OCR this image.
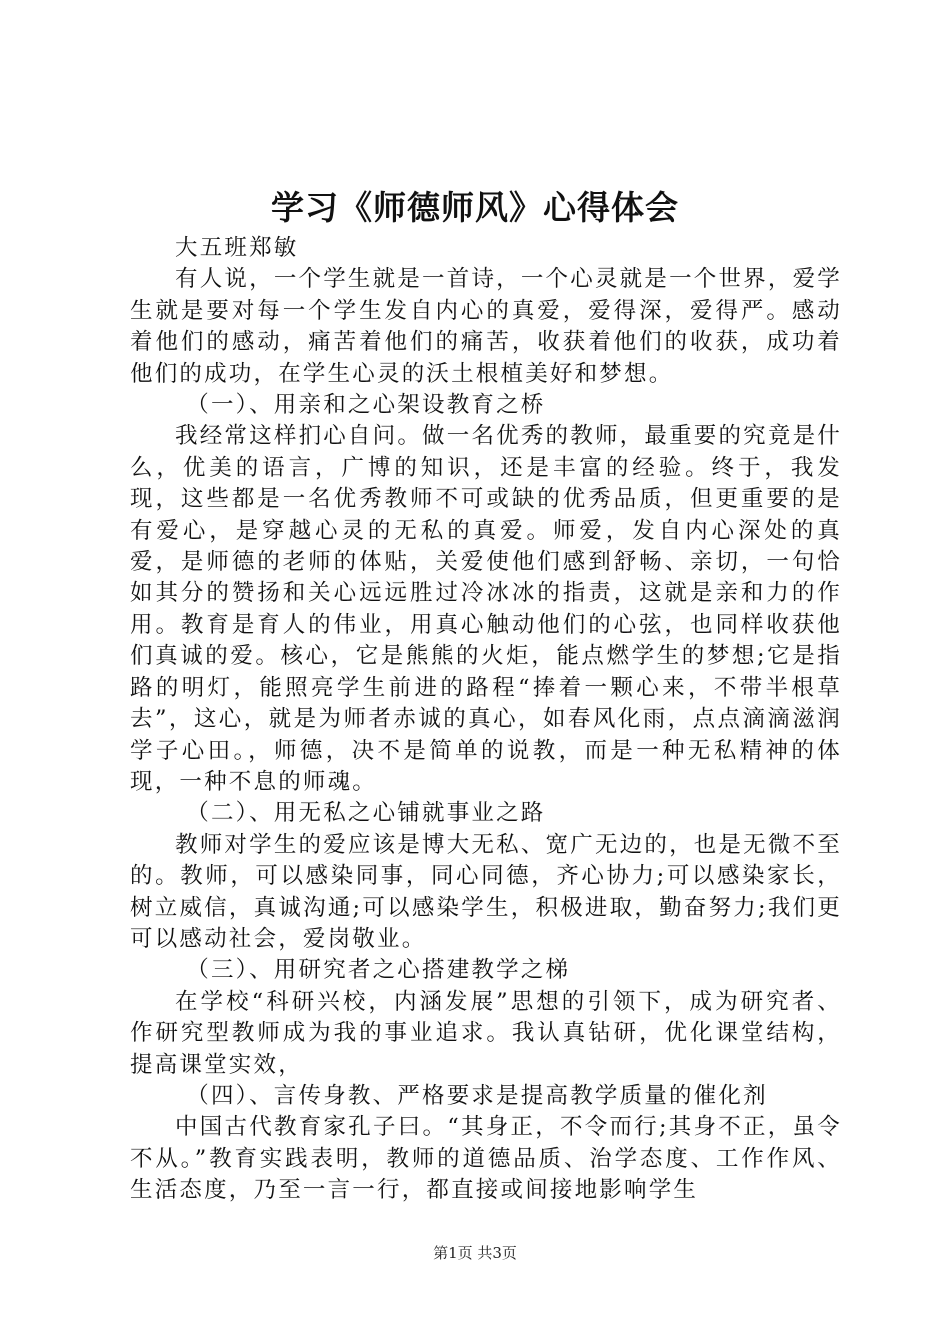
学习《师德师风》心得体会

大五班郑敏

有人说，一个学生就是一首诗，一个心灵就是一个世界，爱学生就是要对每一个学生发自内心的真爱，爱得深，爱得严。感动着他们的感动，痛苦着他们的痛苦，收获着他们的收获，成功着他们的成功，在学生心灵的沃土根植美好和梦想。

（一）、用亲和之心架设教育之桥

我经常这样扪心自问。做一名优秀的教师，最重要的究竟是什么，优美的语言，广博的知识，还是丰富的经验。终于，我发现，这些都是一名优秀教师不可或缺的优秀品质，但更重要的是有爱心，是穿越心灵的无私的真爱。师爱，发自内心深处的真爱，是师德的老师的体贴，关爱使他们感到舒畅、亲切，一句恰如其分的赞扬和关心远远胜过冷冰冰的指责，这就是亲和力的作用。教育是育人的伟业，用真心触动他们的心弦，也同样收获他们真诚的爱。核心，它是熊熊的火炬，能点燃学生的梦想;它是指路的明灯，能照亮学生前进的路程“捧着一颗心来，不带半根草去”，这心，就是为师者赤诚的真心，如春风化雨，点点滴滴滋润学子心田。，师德，决不是简单的说教，而是一种无私精神的体现，一种不息的师魂。

（二）、用无私之心铺就事业之路

教师对学生的爱应该是博大无私、宽广无边的，也是无微不至的。教师，可以感染同事，同心同德，齐心协力;可以感染家长，树立威信，真诚沟通;可以感染学生，积极进取，勤奋努力;我们更可以感动社会，爱岗敬业。

（三）、用研究者之心搭建教学之梯

在学校“科研兴校，内涵发展”思想的引领下，成为研究者、作研究型教师成为我的事业追求。我认真钻研，优化课堂结构，提高课堂实效，

（四）、言传身教、严格要求是提高教学质量的催化剂

中国古代教育家孔子曰。“其身正，不令而行;其身不正，虽令不从。”教育实践表明，教师的道德品质、治学态度、工作作风、生活态度，乃至一言一行，都直接或间接地影响学生

第1页 共3页
